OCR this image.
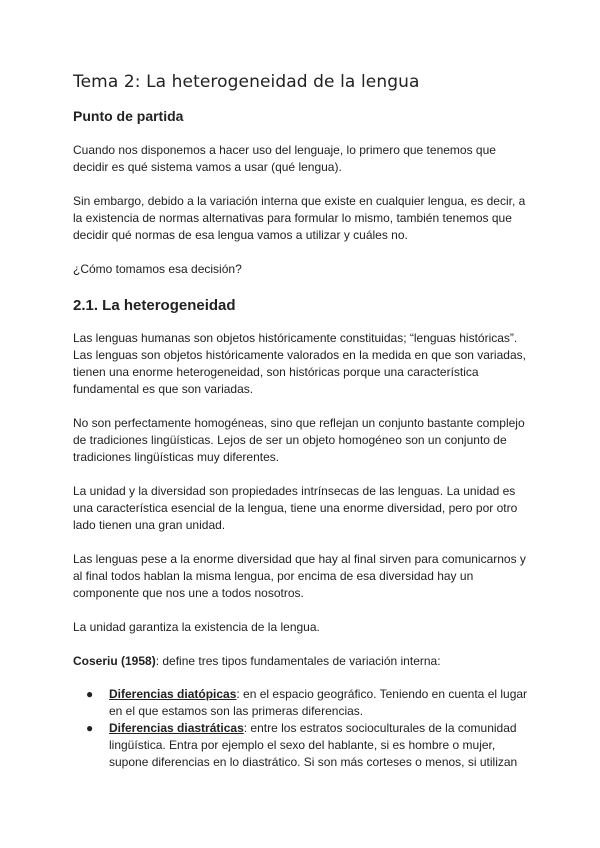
Tema 2: La heterogeneidad de la lengua
Punto de partida

Cuando nos disponemos a hacer uso del lenguaje, lo primero que tenemos que decidir es qué sistema vamos a usar (qué lengua).

Sin embargo, debido a la variación interna que existe en cualquier lengua, es decir, a la existencia de normas alternativas para formular lo mismo, también tenemos que decidir qué normas de esa lengua vamos a utilizar y cuáles no.

¿Cómo tomamos esa decisión?

2.1. La heterogeneidad

Las lenguas humanas son objetos históricamente constituidas; “lenguas históricas”. Las lenguas son objetos históricamente valorados en la medida en que son variadas, tienen una enorme heterogeneidad, son históricas porque una característica fundamental es que son variadas.

No son perfectamente homogéneas, sino que reflejan un conjunto bastante complejo de tradiciones lingüísticas. Lejos de ser un objeto homogéneo son un conjunto de tradiciones lingüísticas muy diferentes.

La unidad y la diversidad son propiedades intrínsecas de las lenguas. La unidad es una característica esencial de la lengua, tiene una enorme diversidad, pero por otro lado tienen una gran unidad.

Las lenguas pese a la enorme diversidad que hay al final sirven para comunicarnos y al final todos hablan la misma lengua, por encima de esa diversidad hay un componente que nos une a todos nosotros.

La unidad garantiza la existencia de la lengua.

Coseriu (1958): define tres tipos fundamentales de variación interna:

● Diferencias diatópicas: en el espacio geográfico. Teniendo en cuenta el lugar en el que estamos son las primeras diferencias.
● Diferencias diastráticas: entre los estratos socioculturales de la comunidad lingüística. Entra por ejemplo el sexo del hablante, si es hombre o mujer, supone diferencias en lo diastrático. Si son más corteses o menos, si utilizan
